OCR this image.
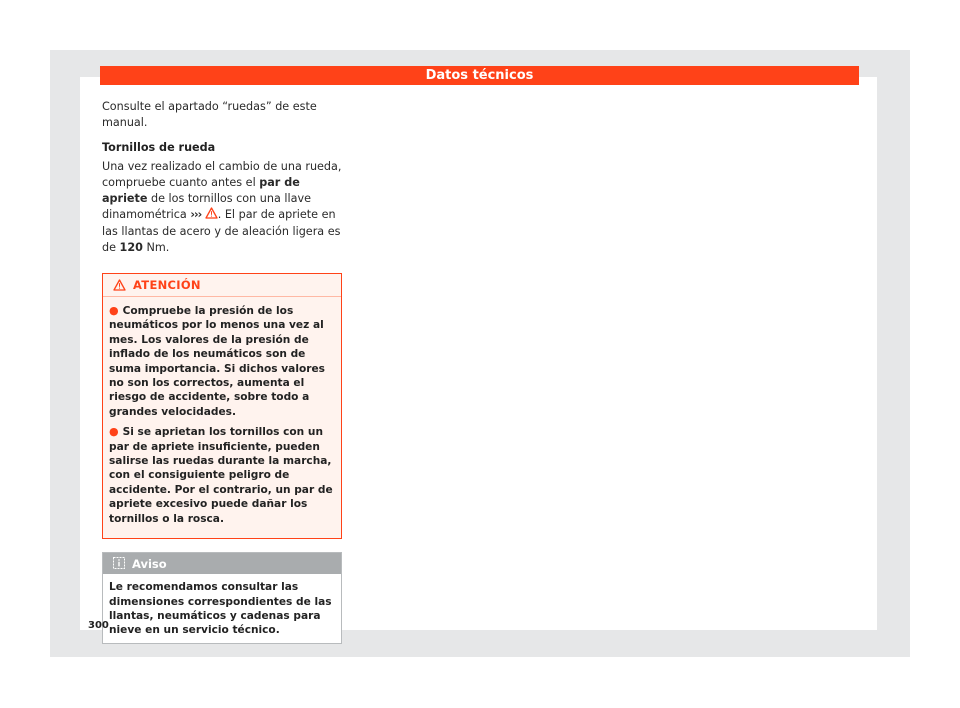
Datos técnicos

Consulte el apartado “ruedas” de este manual.

Tornillos de rueda

Una vez realizado el cambio de una rueda, compruebe cuanto antes el par de apriete de los tornillos con una llave dinamométrica ››› . El par de apriete en las llantas de acero y de aleación ligera es de 120 Nm.

ATENCIÓN

● Compruebe la presión de los neumáticos por lo menos una vez al mes. Los valores de la presión de inflado de los neumáticos son de suma importancia. Si dichos valores no son los correctos, aumenta el riesgo de accidente, sobre todo a grandes velocidades.

● Si se aprietan los tornillos con un par de apriete insuficiente, pueden salirse las ruedas durante la marcha, con el consiguiente peligro de accidente. Por el contrario, un par de apriete excesivo puede dañar los tornillos o la rosca.

Aviso
Le recomendamos consultar las dimensiones correspondientes de las llantas, neumáticos y cadenas para nieve en un servicio técnico.
300
